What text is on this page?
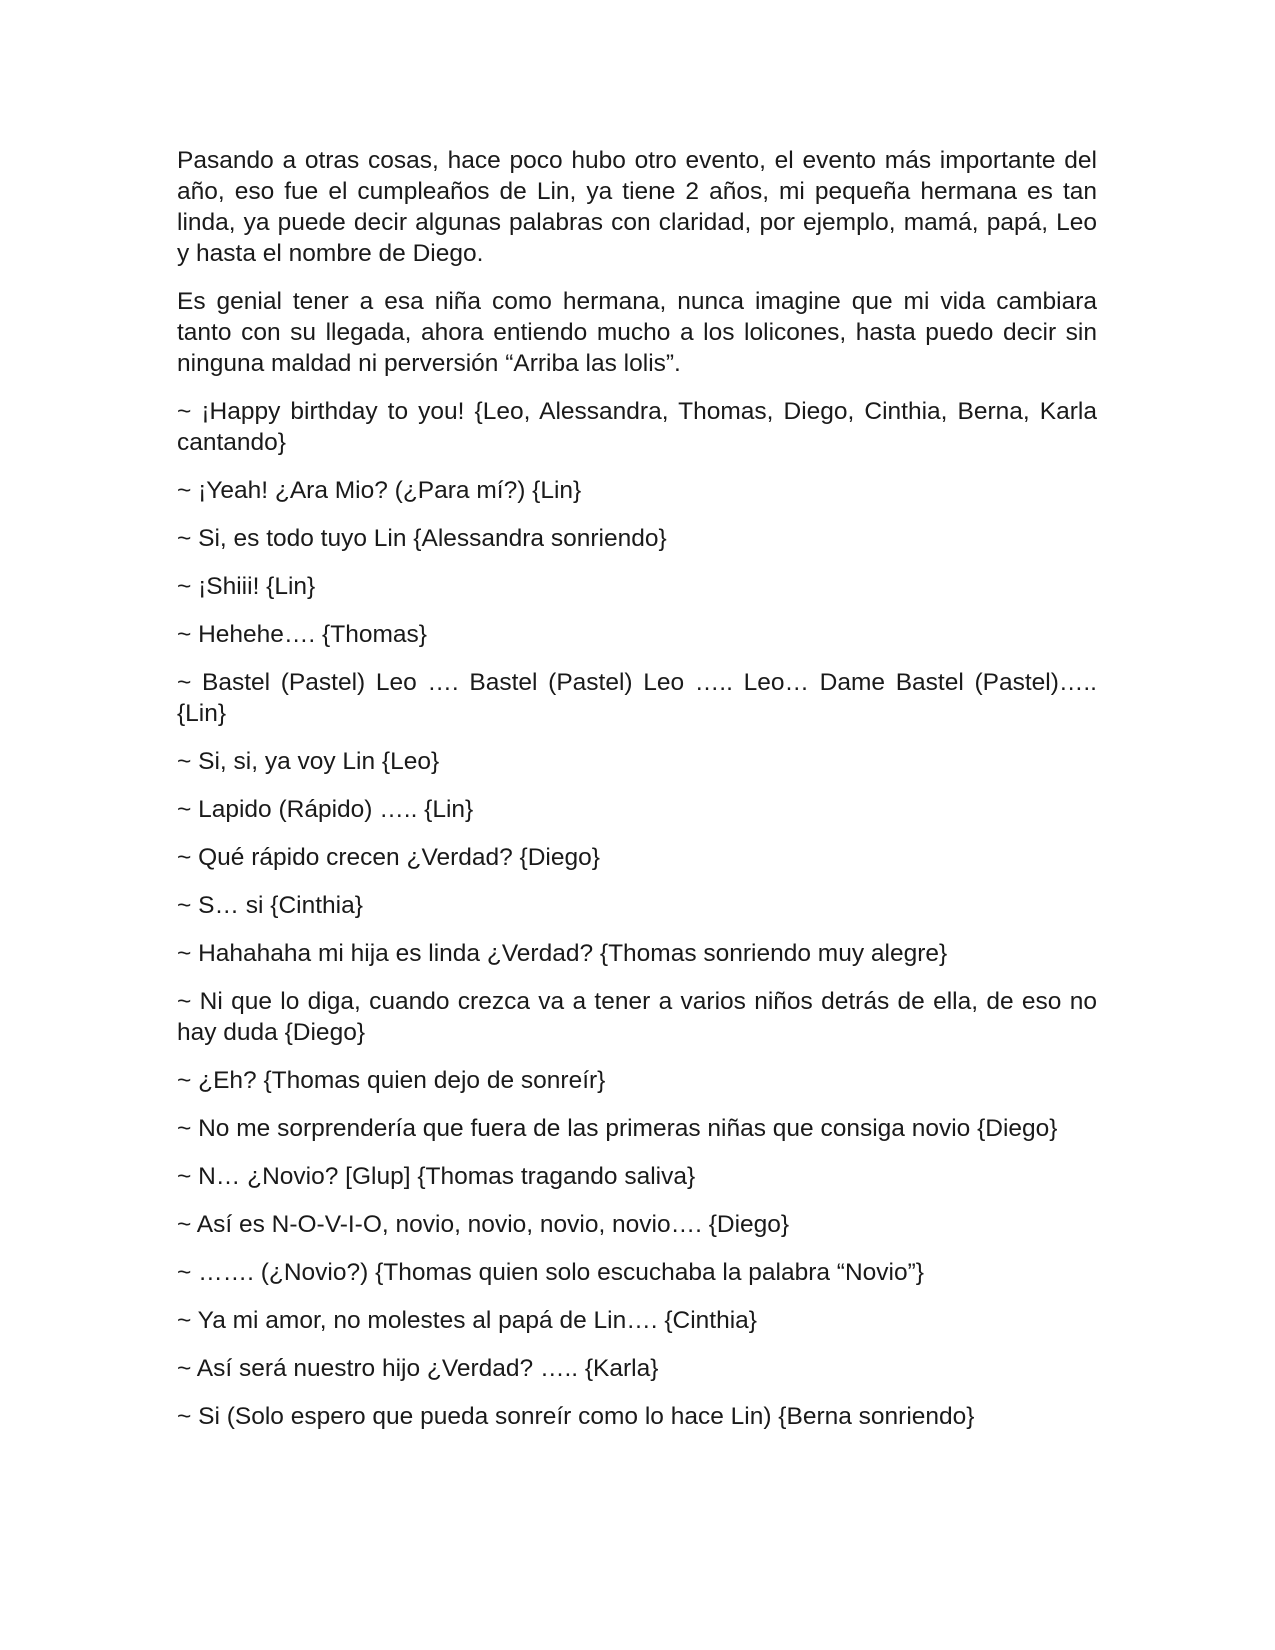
Pasando a otras cosas, hace poco hubo otro evento, el evento más importante del año, eso fue el cumpleaños de Lin, ya tiene 2 años, mi pequeña hermana es tan linda, ya puede decir algunas palabras con claridad, por ejemplo, mamá, papá, Leo y hasta el nombre de Diego.

Es genial tener a esa niña como hermana, nunca imagine que mi vida cambiara tanto con su llegada, ahora entiendo mucho a los lolicones, hasta puedo decir sin ninguna maldad ni perversión “Arriba las lolis”.

~ ¡Happy birthday to you! {Leo, Alessandra, Thomas, Diego, Cinthia, Berna, Karla cantando}

~ ¡Yeah! ¿Ara Mio? (¿Para mí?) {Lin}

~ Si, es todo tuyo Lin {Alessandra sonriendo}

~ ¡Shiii! {Lin}

~ Hehehe…. {Thomas}

~ Bastel (Pastel) Leo …. Bastel (Pastel) Leo ….. Leo… Dame Bastel (Pastel)….. {Lin}

~ Si, si, ya voy Lin {Leo}

~ Lapido (Rápido) ….. {Lin}

~ Qué rápido crecen ¿Verdad? {Diego}

~ S… si {Cinthia}

~ Hahahaha mi hija es linda ¿Verdad? {Thomas sonriendo muy alegre}

~ Ni que lo diga, cuando crezca va a tener a varios niños detrás de ella, de eso no hay duda {Diego}

~ ¿Eh? {Thomas quien dejo de sonreír}

~ No me sorprendería que fuera de las primeras niñas que consiga novio {Diego}

~ N… ¿Novio? [Glup] {Thomas tragando saliva}

~ Así es N-O-V-I-O, novio, novio, novio, novio…. {Diego}

~ ……. (¿Novio?) {Thomas quien solo escuchaba la palabra “Novio”}

~ Ya mi amor, no molestes al papá de Lin…. {Cinthia}

~ Así será nuestro hijo ¿Verdad? ….. {Karla}

~ Si (Solo espero que pueda sonreír como lo hace Lin) {Berna sonriendo}
